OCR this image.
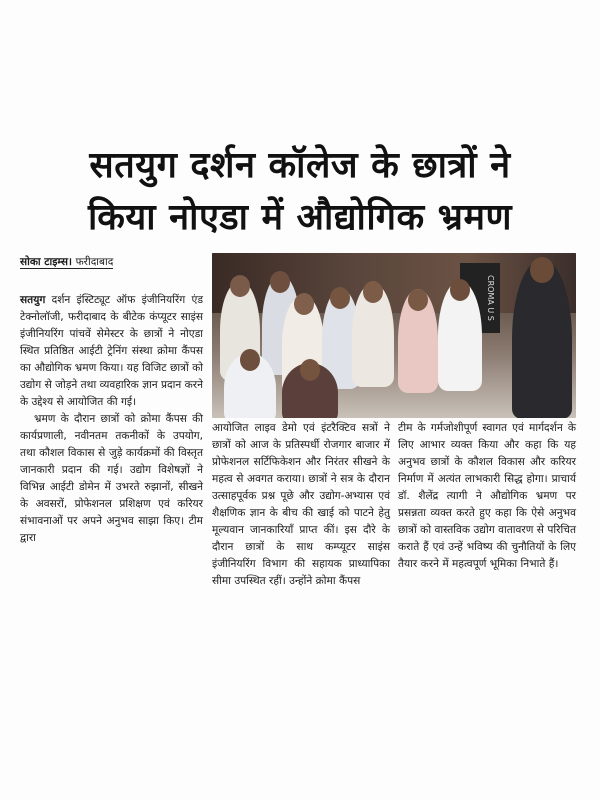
सतयुग दर्शन कॉलेज के छात्रों ने
किया नोएडा में औद्योगिक भ्रमण
सोका टाइम्स। फरीदाबाद
CROMA U S

सतयुग दर्शन इंस्टिट्यूट ऑफ इंजीनियरिंग एंड टेक्नोलॉजी, फरीदाबाद के बीटेक कंप्यूटर साइंस इंजीनियरिंग पांचवें सेमेस्टर के छात्रों ने नोएडा स्थित प्रतिष्ठित आईटी ट्रेनिंग संस्था क्रोमा कैंपस का औद्योगिक भ्रमण किया। यह विजिट छात्रों को उद्योग से जोड़ने तथा व्यवहारिक ज्ञान प्रदान करने के उद्देश्य से आयोजित की गई।

भ्रमण के दौरान छात्रों को क्रोमा कैंपस की कार्यप्रणाली, नवीनतम तकनीकों के उपयोग, तथा कौशल विकास से जुड़े कार्यक्रमों की विस्तृत जानकारी प्रदान की गई। उद्योग विशेषज्ञों ने विभिन्न आईटी डोमेन में उभरते रुझानों, सीखने के अवसरों, प्रोफेशनल प्रशिक्षण एवं करियर संभावनाओं पर अपने अनुभव साझा किए। टीम द्वारा

आयोजित लाइव डेमो एवं इंटरैक्टिव सत्रों ने छात्रों को आज के प्रतिस्पर्धी रोजगार बाजार में प्रोफेशनल सर्टिफिकेशन और निरंतर सीखने के महत्व से अवगत कराया। छात्रों ने सत्र के दौरान उत्साहपूर्वक प्रश्न पूछे और उद्योग-अभ्यास एवं शैक्षणिक ज्ञान के बीच की खाई को पाटने हेतु मूल्यवान जानकारियाँ प्राप्त कीं। इस दौरे के दौरान छात्रों के साथ कम्प्यूटर साइंस इंजीनियरिंग विभाग की सहायक प्राध्यापिका सीमा उपस्थित रहीं। उन्होंने क्रोमा कैंपस

टीम के गर्मजोशीपूर्ण स्वागत एवं मार्गदर्शन के लिए आभार व्यक्त किया और कहा कि यह अनुभव छात्रों के कौशल विकास और करियर निर्माण में अत्यंत लाभकारी सिद्ध होगा। प्राचार्य डॉ. शैलेंद्र त्यागी ने औद्योगिक भ्रमण पर प्रसन्नता व्यक्त करते हुए कहा कि ऐसे अनुभव छात्रों को वास्तविक उद्योग वातावरण से परिचित कराते हैं एवं उन्हें भविष्य की चुनौतियों के लिए तैयार करने में महत्वपूर्ण भूमिका निभाते हैं।
